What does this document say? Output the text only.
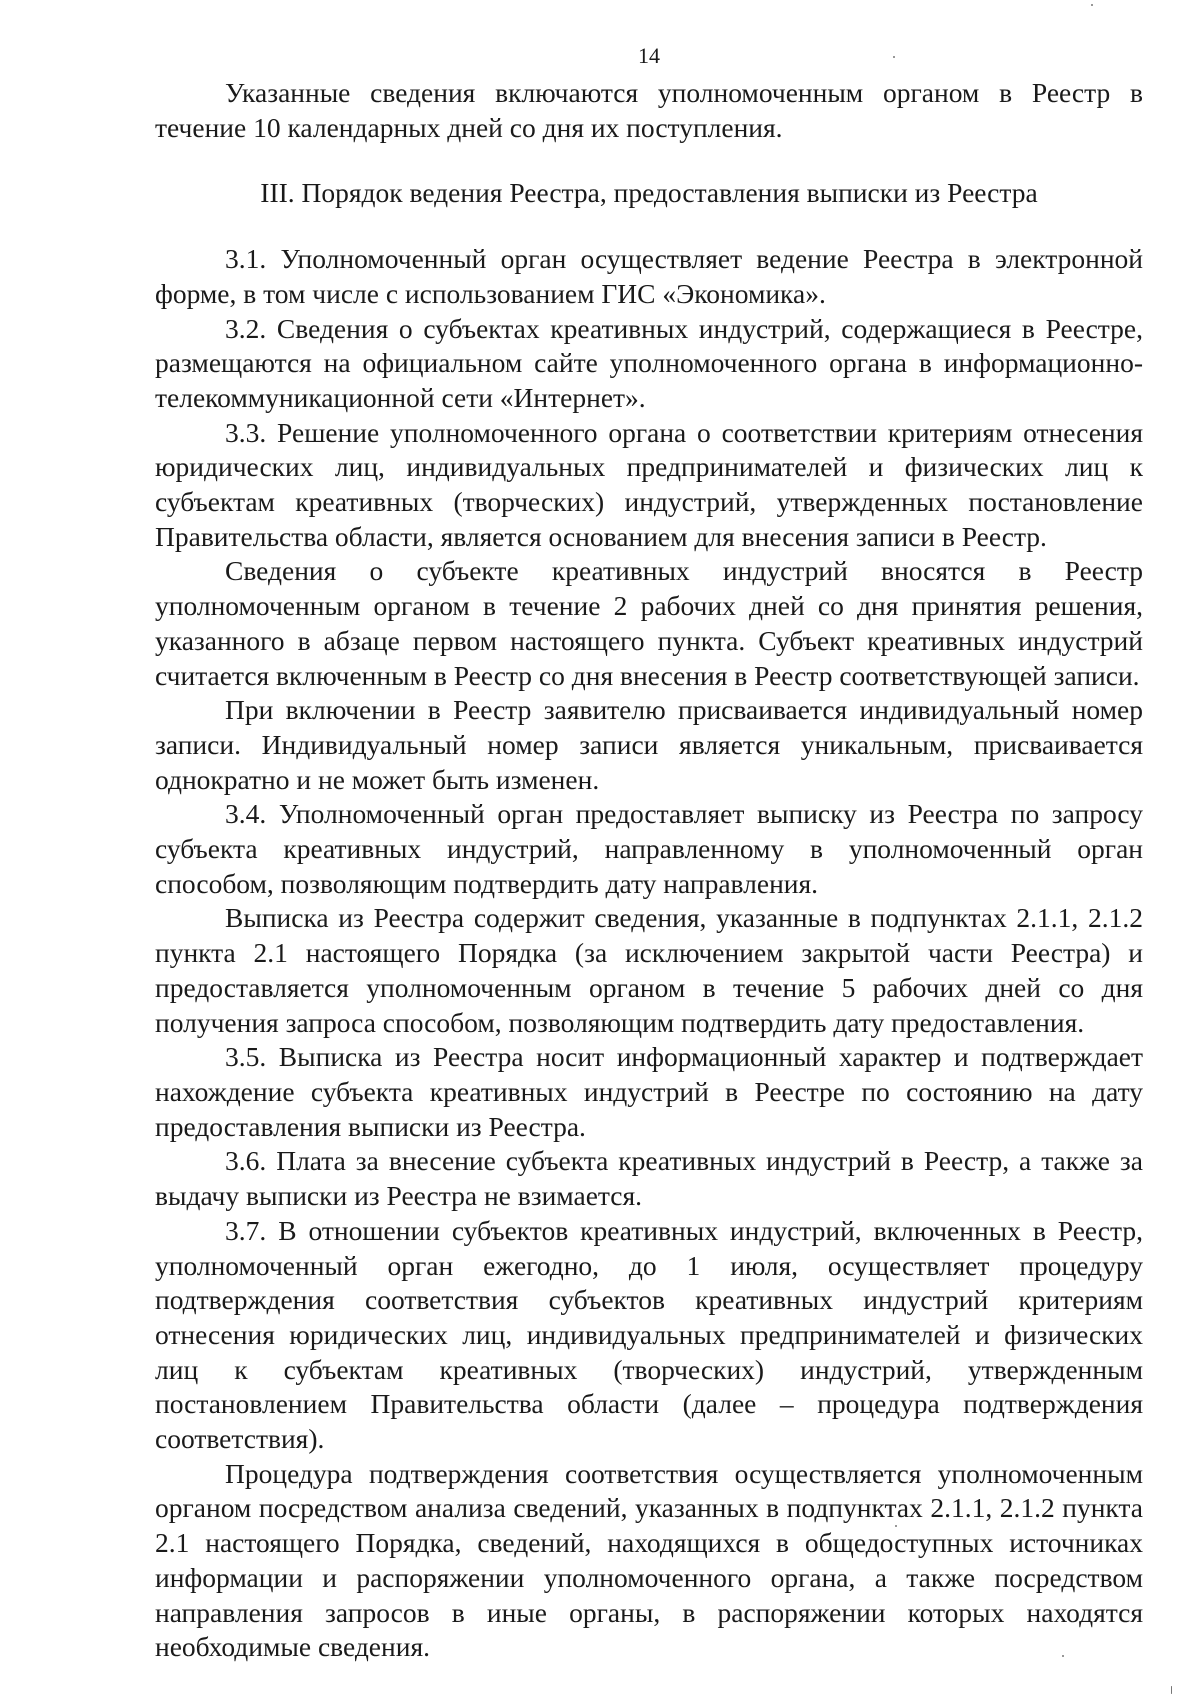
14

Указанные сведения включаются уполномоченным органом в Реестр в течение 10 календарных дней со дня их поступления.

III. Порядок ведения Реестра, предоставления выписки из Реестра

3.1. Уполномоченный орган осуществляет ведение Реестра в электронной форме, в том числе с использованием ГИС «Экономика».

3.2. Сведения о субъектах креативных индустрий, содержащиеся в Реестре, размещаются на официальном сайте уполномоченного органа в информационно-телекоммуникационной сети «Интернет».

3.3. Решение уполномоченного органа о соответствии критериям отнесения юридических лиц, индивидуальных предпринимателей и физических лиц к субъектам креативных (творческих) индустрий, утвержденных постановление Правительства области, является основанием для внесения записи в Реестр.

Сведения о субъекте креативных индустрий вносятся в Реестр уполномоченным органом в течение 2 рабочих дней со дня принятия решения, указанного в абзаце первом настоящего пункта. Субъект креативных индустрий считается включенным в Реестр со дня внесения в Реестр соответствующей записи.

При включении в Реестр заявителю присваивается индивидуальный номер записи. Индивидуальный номер записи является уникальным, присваивается однократно и не может быть изменен.

3.4. Уполномоченный орган предоставляет выписку из Реестра по запросу субъекта креативных индустрий, направленному в уполномоченный орган способом, позволяющим подтвердить дату направления.

Выписка из Реестра содержит сведения, указанные в подпунктах 2.1.1, 2.1.2 пункта 2.1 настоящего Порядка (за исключением закрытой части Реестра) и предоставляется уполномоченным органом в течение 5 рабочих дней со дня получения запроса способом, позволяющим подтвердить дату предоставления.

3.5. Выписка из Реестра носит информационный характер и подтверждает нахождение субъекта креативных индустрий в Реестре по состоянию на дату предоставления выписки из Реестра.

3.6. Плата за внесение субъекта креативных индустрий в Реестр, а также за выдачу выписки из Реестра не взимается.

3.7. В отношении субъектов креативных индустрий, включенных в Реестр, уполномоченный орган ежегодно, до 1 июля, осуществляет процедуру подтверждения соответствия субъектов креативных индустрий критериям отнесения юридических лиц, индивидуальных предпринимателей и физических лиц к субъектам креативных (творческих) индустрий, утвержденным постановлением Правительства области (далее – процедура подтверждения соответствия).

Процедура подтверждения соответствия осуществляется уполномоченным органом посредством анализа сведений, указанных в подпунктах 2.1.1, 2.1.2 пункта 2.1 настоящего Порядка, сведений, находящихся в общедоступных источниках информации и распоряжении уполномоченного органа, а также посредством направления запросов в иные органы, в распоряжении которых находятся необходимые сведения.
